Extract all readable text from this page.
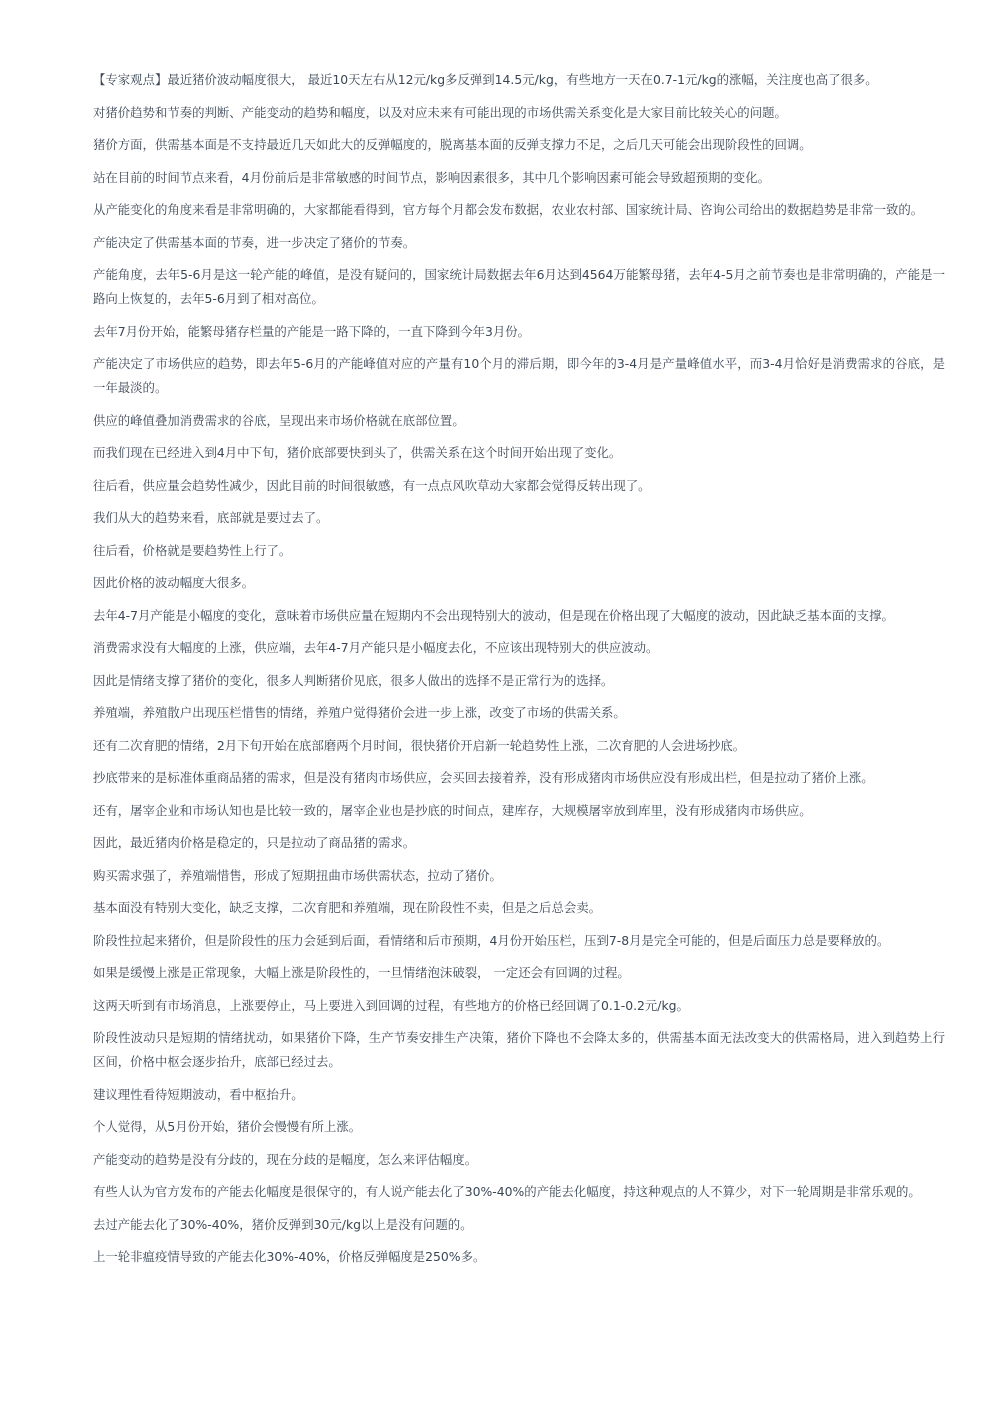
【专家观点】最近猪价波动幅度很大， 最近10天左右从12元/kg多反弹到14.5元/kg，有些地方一天在0.7-1元/kg的涨幅，关注度也高了很多。

对猪价趋势和节奏的判断、产能变动的趋势和幅度，以及对应未来有可能出现的市场供需关系变化是大家目前比较关心的问题。

猪价方面，供需基本面是不支持最近几天如此大的反弹幅度的，脱离基本面的反弹支撑力不足，之后几天可能会出现阶段性的回调。

站在目前的时间节点来看，4月份前后是非常敏感的时间节点，影响因素很多，其中几个影响因素可能会导致超预期的变化。

从产能变化的角度来看是非常明确的，大家都能看得到，官方每个月都会发布数据，农业农村部、国家统计局、咨询公司给出的数据趋势是非常一致的。

产能决定了供需基本面的节奏，进一步决定了猪价的节奏。

产能角度，去年5-6月是这一轮产能的峰值，是没有疑问的，国家统计局数据去年6月达到4564万能繁母猪，去年4-5月之前节奏也是非常明确的，产能是一路向上恢复的，去年5-6月到了相对高位。

去年7月份开始，能繁母猪存栏量的产能是一路下降的，一直下降到今年3月份。

产能决定了市场供应的趋势，即去年5-6月的产能峰值对应的产量有10个月的滞后期，即今年的3-4月是产量峰值水平，而3-4月恰好是消费需求的谷底，是一年最淡的。

供应的峰值叠加消费需求的谷底，呈现出来市场价格就在底部位置。

而我们现在已经进入到4月中下旬，猪价底部要快到头了，供需关系在这个时间开始出现了变化。

往后看，供应量会趋势性减少，因此目前的时间很敏感，有一点点风吹草动大家都会觉得反转出现了。

我们从大的趋势来看，底部就是要过去了。

往后看，价格就是要趋势性上行了。

因此价格的波动幅度大很多。

去年4-7月产能是小幅度的变化，意味着市场供应量在短期内不会出现特别大的波动，但是现在价格出现了大幅度的波动，因此缺乏基本面的支撑。

消费需求没有大幅度的上涨，供应端，去年4-7月产能只是小幅度去化，不应该出现特别大的供应波动。

因此是情绪支撑了猪价的变化，很多人判断猪价见底，很多人做出的选择不是正常行为的选择。

养殖端，养殖散户出现压栏惜售的情绪，养殖户觉得猪价会进一步上涨，改变了市场的供需关系。

还有二次育肥的情绪，2月下旬开始在底部磨两个月时间，很快猪价开启新一轮趋势性上涨，二次育肥的人会进场抄底。

抄底带来的是标准体重商品猪的需求，但是没有猪肉市场供应，会买回去接着养，没有形成猪肉市场供应没有形成出栏，但是拉动了猪价上涨。

还有，屠宰企业和市场认知也是比较一致的，屠宰企业也是抄底的时间点，建库存，大规模屠宰放到库里，没有形成猪肉市场供应。

因此，最近猪肉价格是稳定的，只是拉动了商品猪的需求。

购买需求强了，养殖端惜售，形成了短期扭曲市场供需状态，拉动了猪价。

基本面没有特别大变化，缺乏支撑，二次育肥和养殖端，现在阶段性不卖，但是之后总会卖。

阶段性拉起来猪价，但是阶段性的压力会延到后面，看情绪和后市预期，4月份开始压栏，压到7-8月是完全可能的，但是后面压力总是要释放的。

如果是缓慢上涨是正常现象，大幅上涨是阶段性的，一旦情绪泡沫破裂， 一定还会有回调的过程。

这两天听到有市场消息，上涨要停止，马上要进入到回调的过程，有些地方的价格已经回调了0.1-0.2元/kg。

阶段性波动只是短期的情绪扰动，如果猪价下降，生产节奏安排生产决策，猪价下降也不会降太多的，供需基本面无法改变大的供需格局，进入到趋势上行区间，价格中枢会逐步抬升，底部已经过去。

建议理性看待短期波动，看中枢抬升。

个人觉得，从5月份开始，猪价会慢慢有所上涨。

产能变动的趋势是没有分歧的，现在分歧的是幅度，怎么来评估幅度。

有些人认为官方发布的产能去化幅度是很保守的，有人说产能去化了30%-40%的产能去化幅度，持这种观点的人不算少，对下一轮周期是非常乐观的。

去过产能去化了30%-40%，猪价反弹到30元/kg以上是没有问题的。

上一轮非瘟疫情导致的产能去化30%-40%，价格反弹幅度是250%多。
